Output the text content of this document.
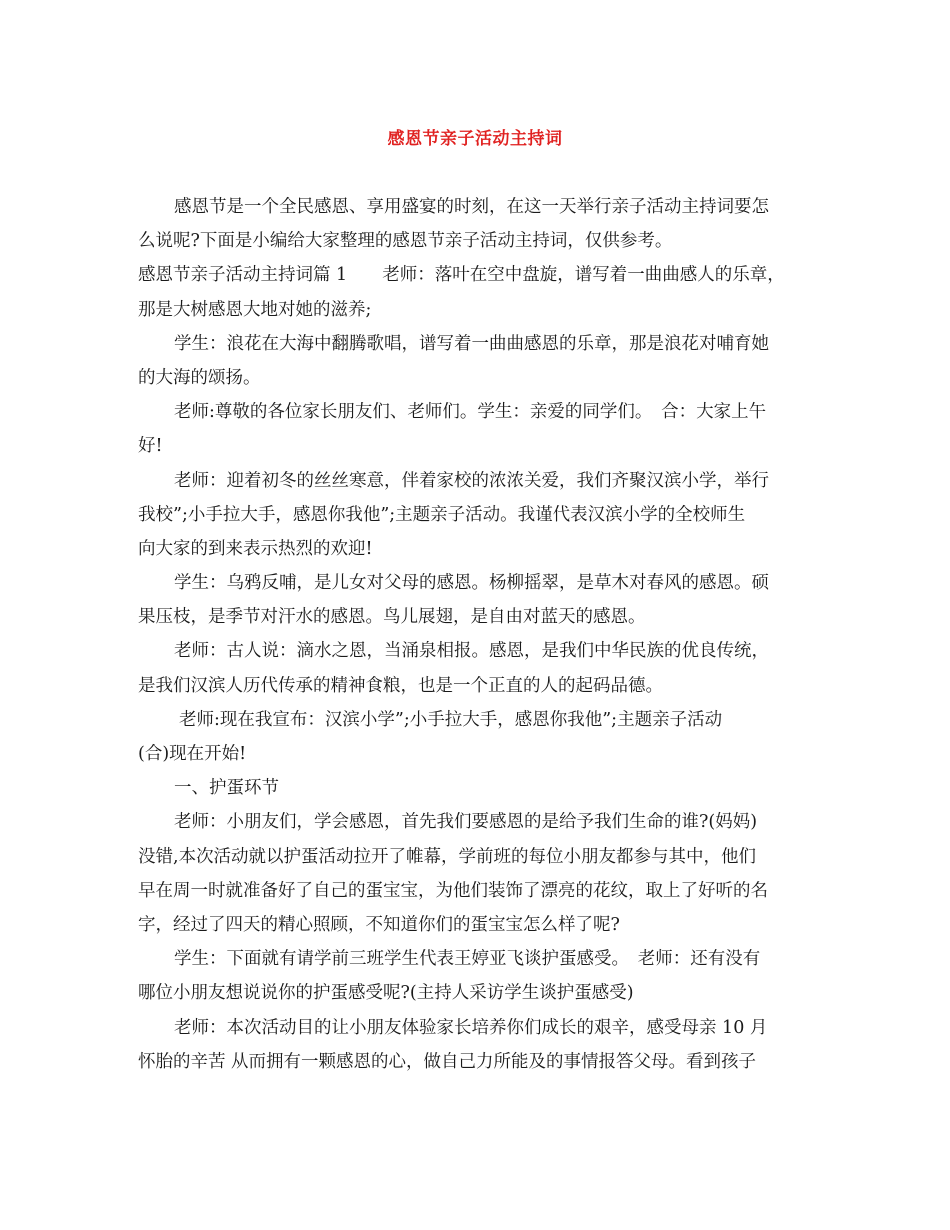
感恩节亲子活动主持词
感恩节是一个全民感恩、享用盛宴的时刻，在这一天举行亲子活动主持词要怎
么说呢?下面是小编给大家整理的感恩节亲子活动主持词，仅供参考。
感恩节亲子活动主持词篇 1　　老师：落叶在空中盘旋，谱写着一曲曲感人的乐章，
那是大树感恩大地对她的滋养;
学生：浪花在大海中翻腾歌唱，谱写着一曲曲感恩的乐章，那是浪花对哺育她
的大海的颂扬。
老师:尊敬的各位家长朋友们、老师们。学生：亲爱的同学们。　合：大家上午
好!
老师：迎着初冬的丝丝寒意，伴着家校的浓浓关爱，我们齐聚汉滨小学，举行
我校”;小手拉大手，感恩你我他”;主题亲子活动。我谨代表汉滨小学的全校师生
向大家的到来表示热烈的欢迎!
学生：乌鸦反哺，是儿女对父母的感恩。杨柳摇翠，是草木对春风的感恩。硕
果压枝，是季节对汗水的感恩。鸟儿展翅，是自由对蓝天的感恩。
老师：古人说：滴水之恩，当涌泉相报。感恩，是我们中华民族的优良传统，
是我们汉滨人历代传承的精神食粮，也是一个正直的人的起码品德。
老师:现在我宣布：汉滨小学”;小手拉大手，感恩你我他”;主题亲子活动
(合)现在开始!
一、护蛋环节
老师：小朋友们，学会感恩，首先我们要感恩的是给予我们生命的谁?(妈妈)
没错,本次活动就以护蛋活动拉开了帷幕，学前班的每位小朋友都参与其中，他们
早在周一时就准备好了自己的蛋宝宝，为他们装饰了漂亮的花纹，取上了好听的名
字，经过了四天的精心照顾，不知道你们的蛋宝宝怎么样了呢?
学生：下面就有请学前三班学生代表王婷亚飞谈护蛋感受。　老师：还有没有
哪位小朋友想说说你的护蛋感受呢?(主持人采访学生谈护蛋感受)
老师：本次活动目的让小朋友体验家长培养你们成长的艰辛，感受母亲 10 月
怀胎的辛苦 从而拥有一颗感恩的心，做自己力所能及的事情报答父母。看到孩子
